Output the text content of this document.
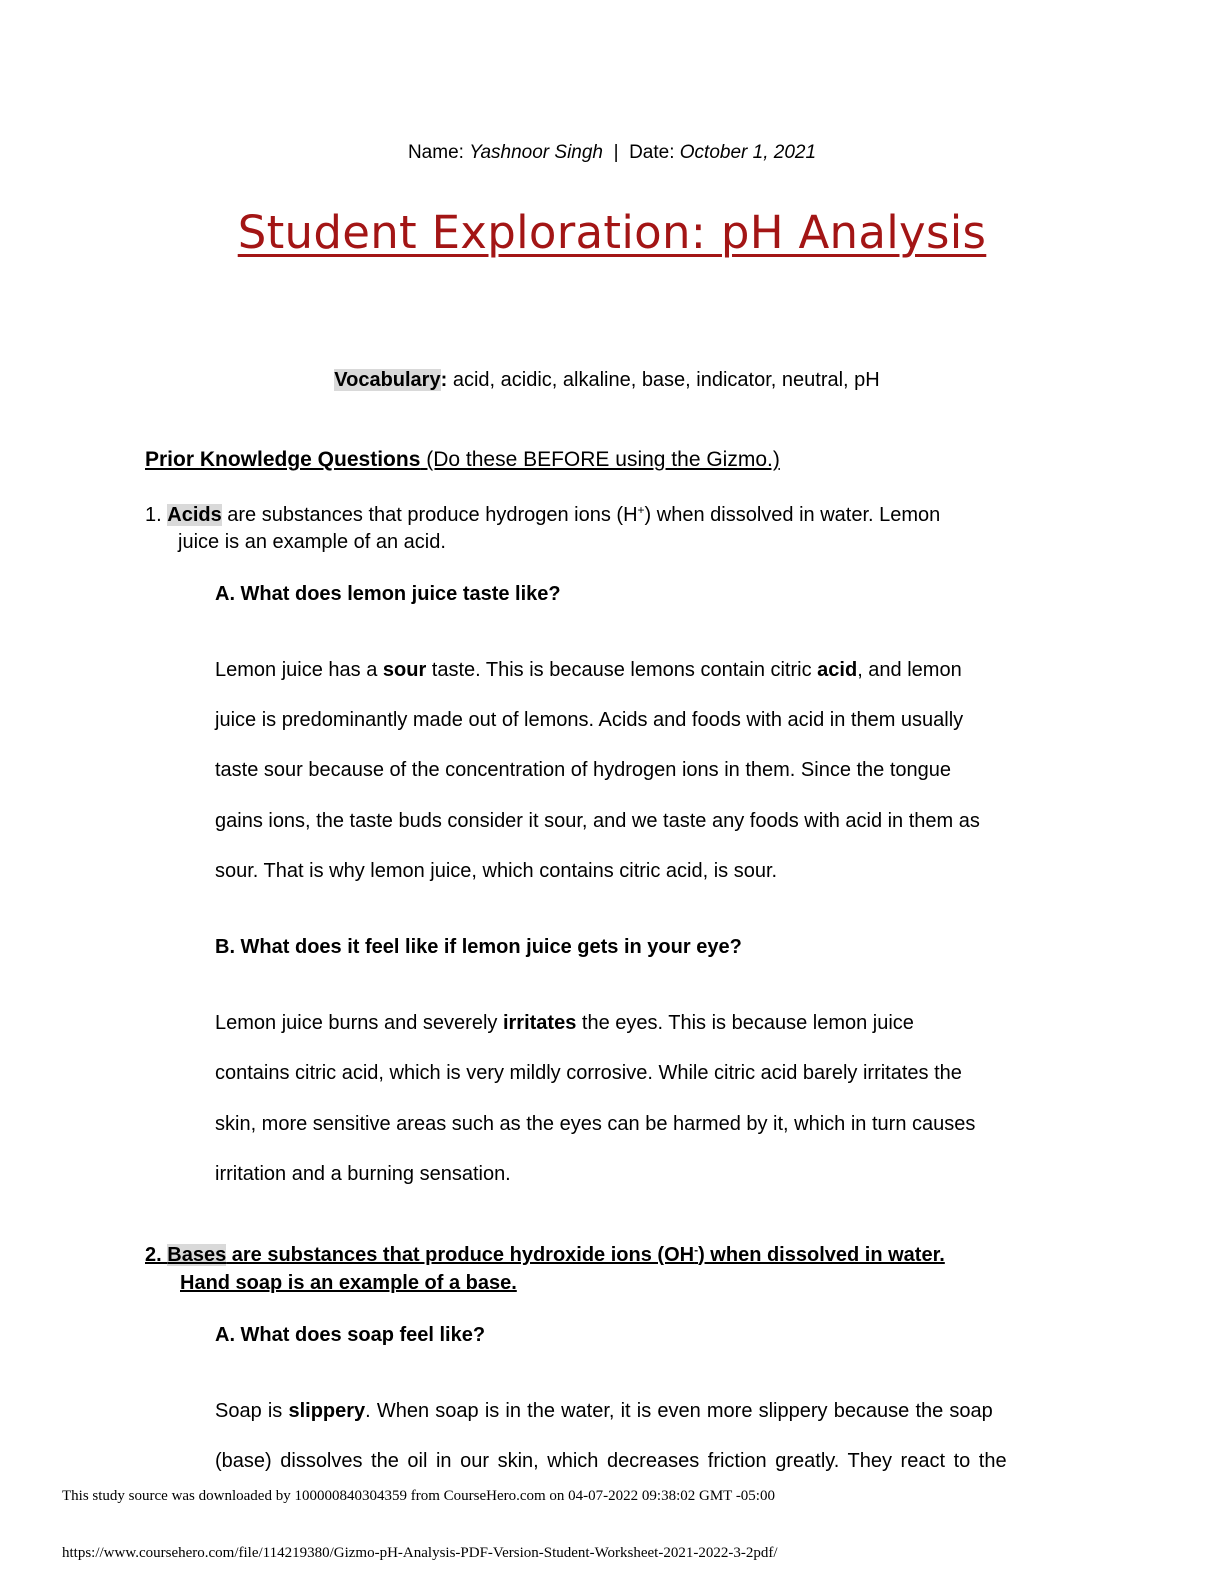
Name: Yashnoor Singh | Date: October 1, 2021
Student Exploration: pH Analysis
Vocabulary: acid, acidic, alkaline, base, indicator, neutral, pH
Prior Knowledge Questions (Do these BEFORE using the Gizmo.)
1. Acids are substances that produce hydrogen ions (H+) when dissolved in water. Lemon
juice is an example of an acid.
A. What does lemon juice taste like?
Lemon juice has a sour taste. This is because lemons contain citric acid, and lemon
juice is predominantly made out of lemons. Acids and foods with acid in them usually
taste sour because of the concentration of hydrogen ions in them. Since the tongue
gains ions, the taste buds consider it sour, and we taste any foods with acid in them as
sour. That is why lemon juice, which contains citric acid, is sour.
B. What does it feel like if lemon juice gets in your eye?
Lemon juice burns and severely irritates the eyes. This is because lemon juice
contains citric acid, which is very mildly corrosive. While citric acid barely irritates the
skin, more sensitive areas such as the eyes can be harmed by it, which in turn causes
irritation and a burning sensation.
2. Bases are substances that produce hydroxide ions (OH-) when dissolved in water.
Hand soap is an example of a base.
A. What does soap feel like?
Soap is slippery. When soap is in the water, it is even more slippery because the soap
(base) dissolves the oil in our skin, which decreases friction greatly. They react to the
This study source was downloaded by 100000840304359 from CourseHero.com on 04-07-2022 09:38:02 GMT -05:00
https://www.coursehero.com/file/114219380/Gizmo-pH-Analysis-PDF-Version-Student-Worksheet-2021-2022-3-2pdf/
